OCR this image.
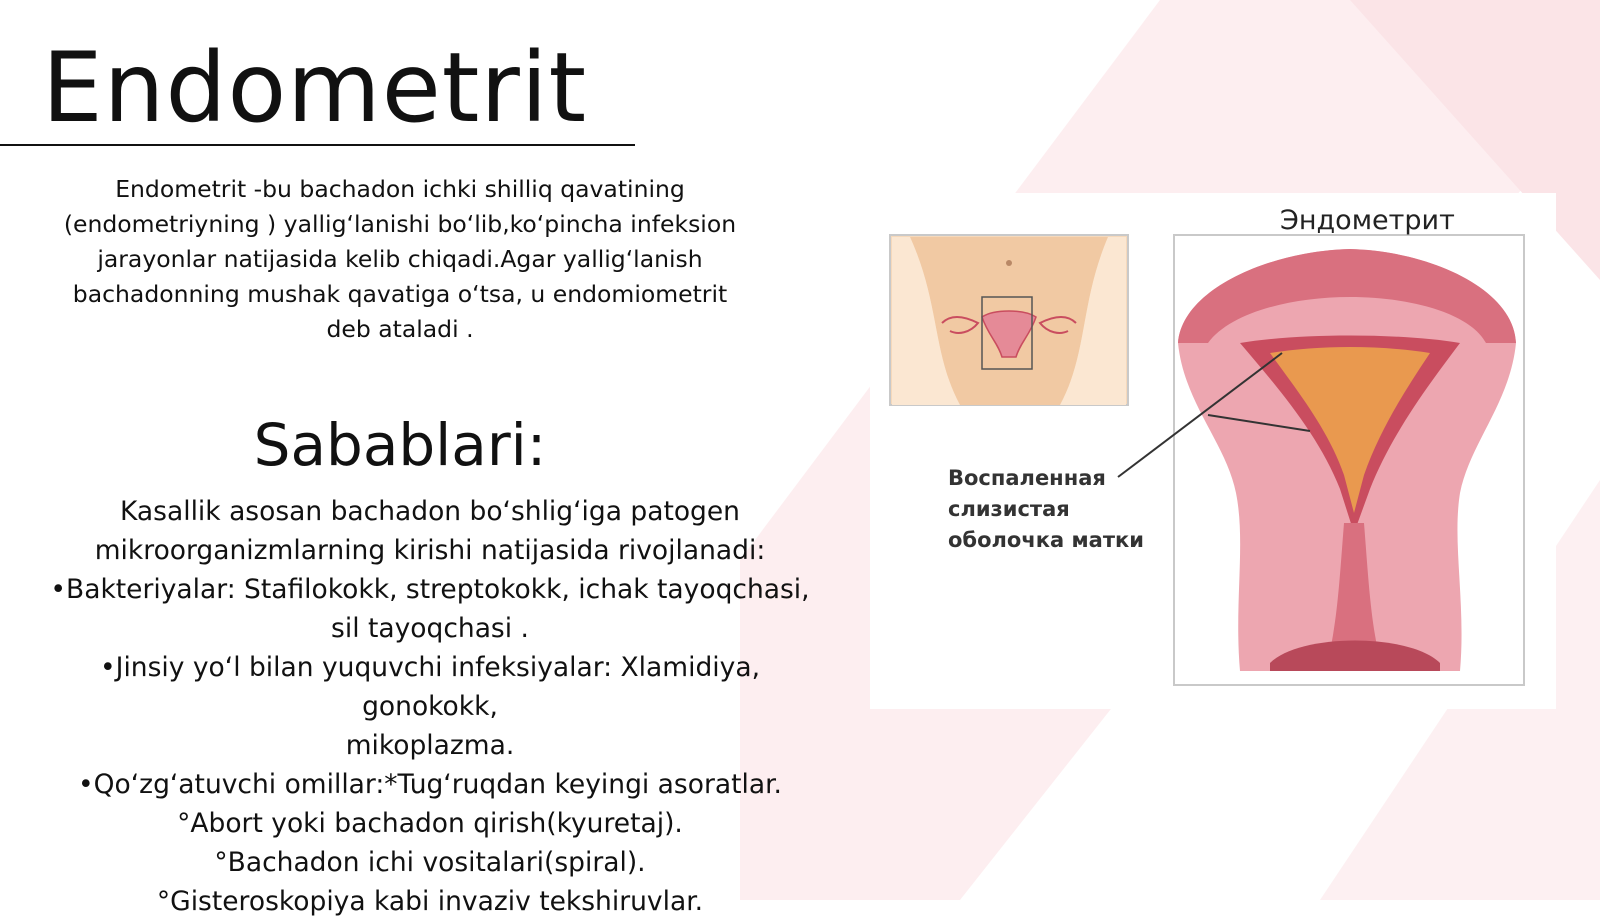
Endometrit

Endometrit -bu bachadon ichki shilliq qavatining
(endometriyning ) yallig‘lanishi bo‘lib,ko‘pincha infeksion
jarayonlar natijasida kelib chiqadi.Agar yallig‘lanish
bachadonning mushak qavatiga o‘tsa, u endomiometrit
deb ataladi .

Sabablari:

Kasallik asosan bachadon bo‘shlig‘iga patogen

mikroorganizmlarning kirishi natijasida rivojlanadi:

•Bakteriyalar: Stafilokokk, streptokokk, ichak tayoqchasi,

sil tayoqchasi .

•Jinsiy yo‘l bilan yuquvchi infeksiyalar: Xlamidiya, gonokokk,

mikoplazma.

•Qo‘zg‘atuvchi omillar:*Tug‘ruqdan keyingi asoratlar.

°Abort yoki bachadon qirish(kyuretaj).

°Bachadon ichi vositalari(spiral).

°Gisteroskopiya kabi invaziv tekshiruvlar.

Эндометрит
Воспаленная
слизистая
оболочка матки
